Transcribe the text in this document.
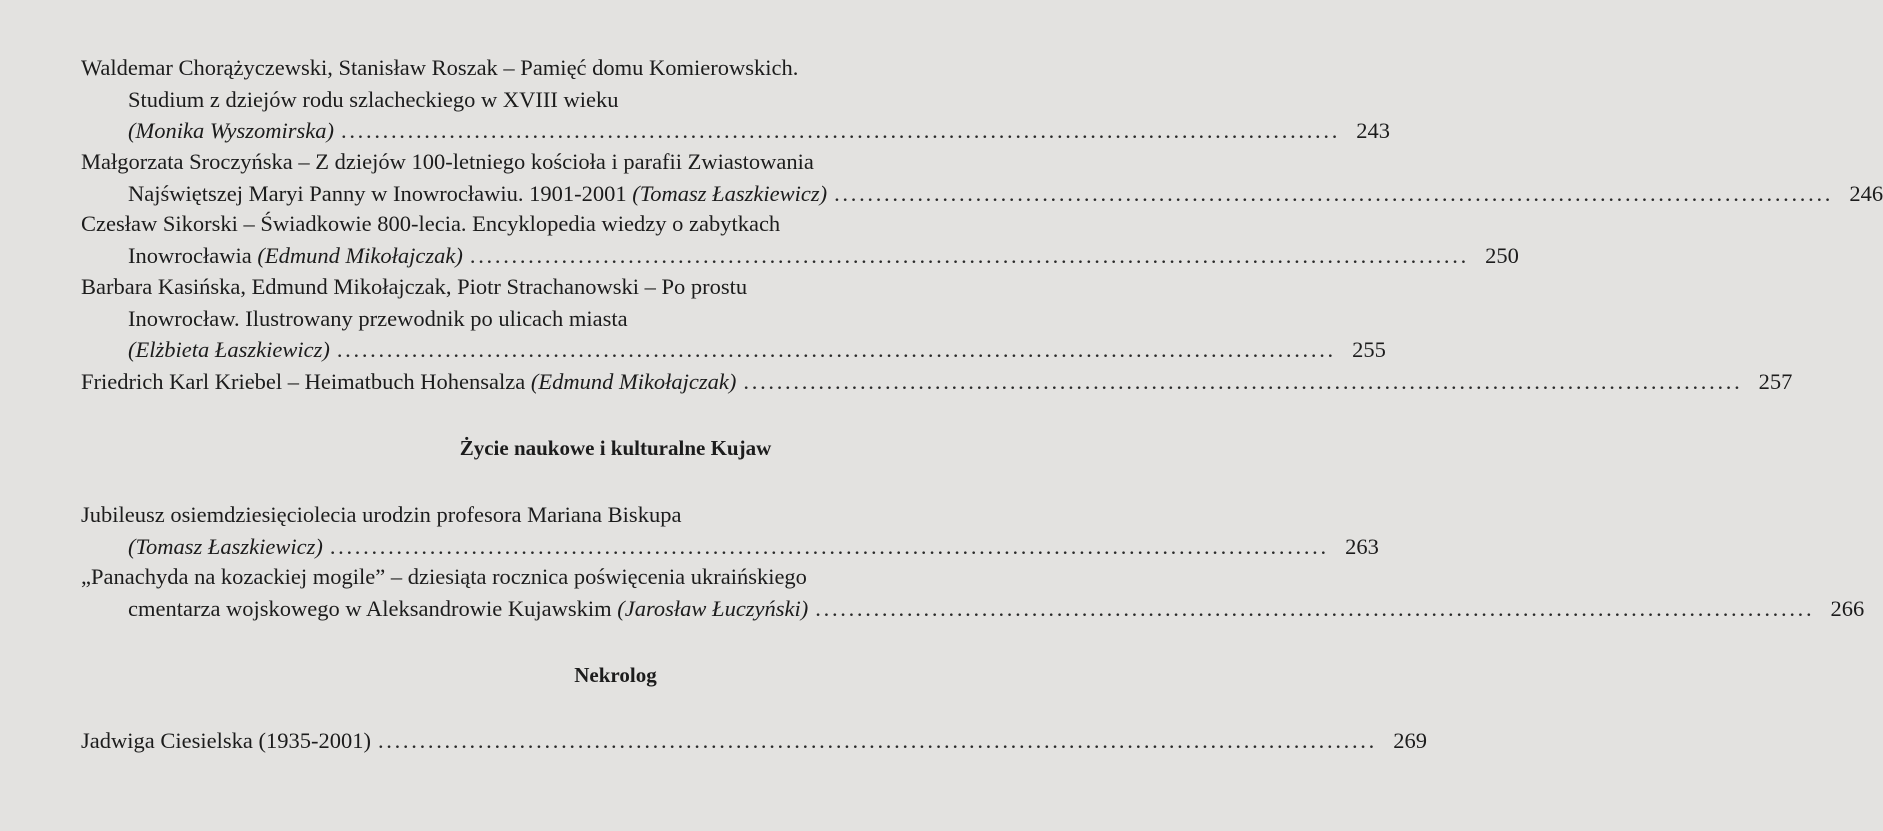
Waldemar Chorążyczewski, Stanisław Roszak – Pamięć domu Komierowskich.
Studium z dziejów rodu szlacheckiego w XVIII wieku
(Monika Wyszomirska) ........................................................................................................................ 243
Małgorzata Sroczyńska – Z dziejów 100-letniego kościoła i parafii Zwiastowania
Najświętszej Maryi Panny w Inowrocławiu. 1901-2001 (Tomasz Łaszkiewicz) ........................................................................................................................ 246
Czesław Sikorski – Świadkowie 800-lecia. Encyklopedia wiedzy o zabytkach
Inowrocławia (Edmund Mikołajczak) ........................................................................................................................ 250
Barbara Kasińska, Edmund Mikołajczak, Piotr Strachanowski – Po prostu
Inowrocław. Ilustrowany przewodnik po ulicach miasta
(Elżbieta Łaszkiewicz) ........................................................................................................................ 255
Friedrich Karl Kriebel – Heimatbuch Hohensalza (Edmund Mikołajczak) ........................................................................................................................ 257
Życie naukowe i kulturalne Kujaw
Jubileusz osiemdziesięciolecia urodzin profesora Mariana Biskupa
(Tomasz Łaszkiewicz) ........................................................................................................................ 263
„Panachyda na kozackiej mogile” – dziesiąta rocznica poświęcenia ukraińskiego
cmentarza wojskowego w Aleksandrowie Kujawskim (Jarosław Łuczyński) ........................................................................................................................ 266
Nekrolog
Jadwiga Ciesielska (1935-2001) ........................................................................................................................ 269
